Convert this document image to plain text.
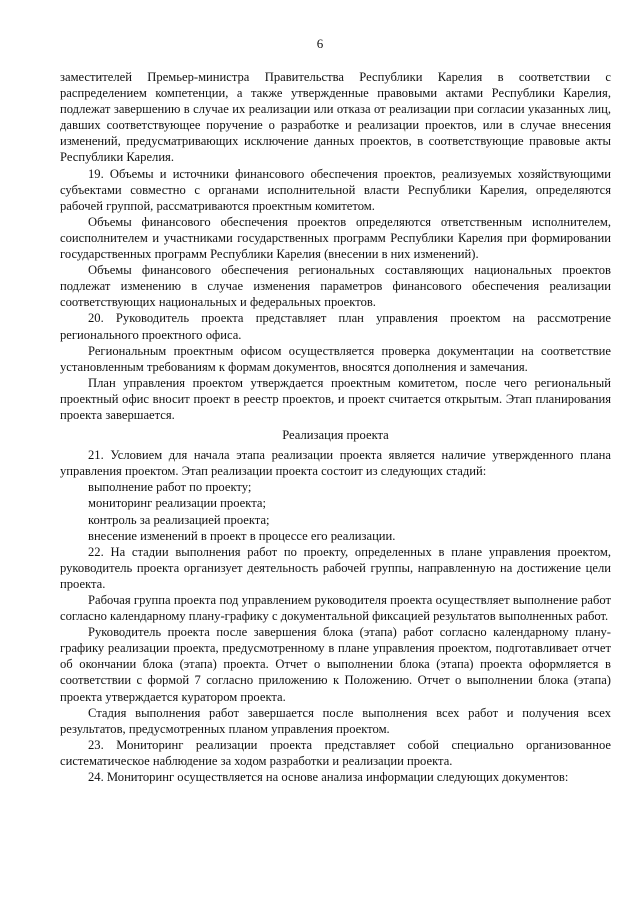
6

заместителей Премьер-министра Правительства Республики Карелия в соответствии с распределением компетенции, а также утвержденные правовыми актами Республики Карелия, подлежат завершению в случае их реализации или отказа от реализации при согласии указанных лиц, давших соответствующее поручение о разработке и реализации проектов, или в случае внесения изменений, предусматривающих исключение данных проектов, в соответствующие правовые акты Республики Карелия.

19. Объемы и источники финансового обеспечения проектов, реализуемых хозяйствующими субъектами совместно с органами исполнительной власти Республики Карелия, определяются рабочей группой, рассматриваются проектным комитетом.

Объемы финансового обеспечения проектов определяются ответственным исполнителем, соисполнителем и участниками государственных программ Республики Карелия при формировании государственных программ Республики Карелия (внесении в них изменений).

Объемы финансового обеспечения региональных составляющих национальных проектов подлежат изменению в случае изменения параметров финансового обеспечения реализации соответствующих национальных и федеральных проектов.

20. Руководитель проекта представляет план управления проектом на рассмотрение регионального проектного офиса.

Региональным проектным офисом осуществляется проверка документации на соответствие установленным требованиям к формам документов, вносятся дополнения и замечания.

План управления проектом утверждается проектным комитетом, после чего региональный проектный офис вносит проект в реестр проектов, и проект считается открытым. Этап планирования проекта завершается.

Реализация проекта

21. Условием для начала этапа реализации проекта является наличие утвержденного плана управления проектом. Этап реализации проекта состоит из следующих стадий:

выполнение работ по проекту;

мониторинг реализации проекта;

контроль за реализацией проекта;

внесение изменений в проект в процессе его реализации.

22. На стадии выполнения работ по проекту, определенных в плане управления проектом, руководитель проекта организует деятельность рабочей группы, направленную на достижение цели проекта.

Рабочая группа проекта под управлением руководителя проекта осуществляет выполнение работ согласно календарному плану-графику с документальной фиксацией результатов выполненных работ.

Руководитель проекта после завершения блока (этапа) работ согласно календарному плану-графику реализации проекта, предусмотренному в плане управления проектом, подготавливает отчет об окончании блока (этапа) проекта. Отчет о выполнении блока (этапа) проекта оформляется в соответствии с формой 7 согласно приложению к Положению. Отчет о выполнении блока (этапа) проекта утверждается куратором проекта.

Стадия выполнения работ завершается после выполнения всех работ и получения всех результатов, предусмотренных планом управления проектом.

23. Мониторинг реализации проекта представляет собой специально организованное систематическое наблюдение за ходом разработки и реализации проекта.

24. Мониторинг осуществляется на основе анализа информации следующих документов:
